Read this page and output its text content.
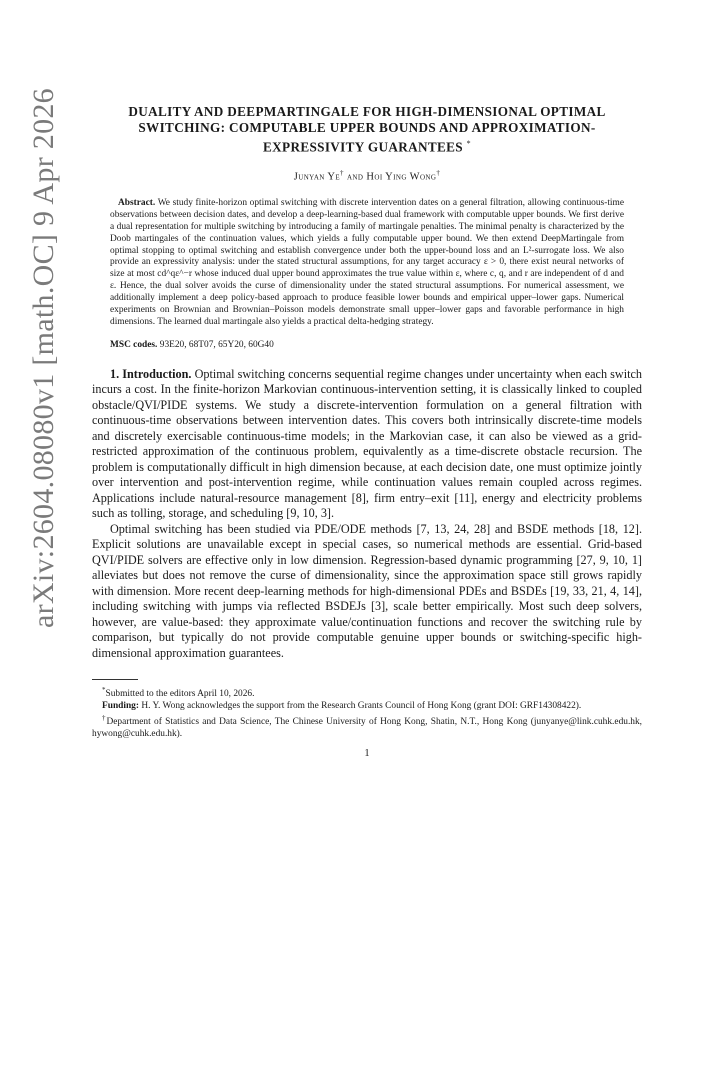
arXiv:2604.08080v1 [math.OC] 9 Apr 2026	DUALITY AND DEEPMARTINGALE FOR HIGH-DIMENSIONAL OPTIMAL SWITCHING: COMPUTABLE UPPER BOUNDS AND APPROXIMATION-EXPRESSIVITY GUARANTEES *
Junyan Ye† and Hoi Ying Wong†
Abstract. We study finite-horizon optimal switching with discrete intervention dates on a general filtration, allowing continuous-time observations between decision dates, and develop a deep-learning-based dual framework with computable upper bounds. We first derive a dual representation for multiple switching by introducing a family of martingale penalties. The minimal penalty is characterized by the Doob martingales of the continuation values, which yields a fully computable upper bound. We then extend DeepMartingale from optimal stopping to optimal switching and establish convergence under both the upper-bound loss and an L²-surrogate loss. We also provide an expressivity analysis: under the stated structural assumptions, for any target accuracy ε > 0, there exist neural networks of size at most cd^qε^−r whose induced dual upper bound approximates the true value within ε, where c, q, and r are independent of d and ε. Hence, the dual solver avoids the curse of dimensionality under the stated structural assumptions. For numerical assessment, we additionally implement a deep policy-based approach to produce feasible lower bounds and empirical upper–lower gaps. Numerical experiments on Brownian and Brownian–Poisson models demonstrate small upper–lower gaps and favorable performance in high dimensions. The learned dual martingale also yields a practical delta-hedging strategy.
MSC codes. 93E20, 68T07, 65Y20, 60G40

1. Introduction. Optimal switching concerns sequential regime changes under uncertainty when each switch incurs a cost. In the finite-horizon Markovian continuous-intervention setting, it is classically linked to coupled obstacle/QVI/PIDE systems. We study a discrete-intervention formulation on a general filtration with continuous-time observations between intervention dates. This covers both intrinsically discrete-time models and discretely exercisable continuous-time models; in the Markovian case, it can also be viewed as a grid-restricted approximation of the continuous problem, equivalently as a time-discrete obstacle recursion. The problem is computationally difficult in high dimension because, at each decision date, one must optimize jointly over intervention and post-intervention regime, while continuation values remain coupled across regimes. Applications include natural-resource management [8], firm entry–exit [11], energy and electricity problems such as tolling, storage, and scheduling [9, 10, 3].

Optimal switching has been studied via PDE/ODE methods [7, 13, 24, 28] and BSDE methods [18, 12]. Explicit solutions are unavailable except in special cases, so numerical methods are essential. Grid-based QVI/PIDE solvers are effective only in low dimension. Regression-based dynamic programming [27, 9, 10, 1] alleviates but does not remove the curse of dimensionality, since the approximation space still grows rapidly with dimension. More recent deep-learning methods for high-dimensional PDEs and BSDEs [19, 33, 21, 4, 14], including switching with jumps via reflected BSDEJs [3], scale better empirically. Most such deep solvers, however, are value-based: they approximate value/continuation functions and recover the switching rule by comparison, but typically do not provide computable genuine upper bounds or switching-specific high-dimensional approximation guarantees.

*Submitted to the editors April 10, 2026.

Funding: H. Y. Wong acknowledges the support from the Research Grants Council of Hong Kong (grant DOI: GRF14308422).

†Department of Statistics and Data Science, The Chinese University of Hong Kong, Shatin, N.T., Hong Kong (junyanye@link.cuhk.edu.hk, hywong@cuhk.edu.hk).

1
